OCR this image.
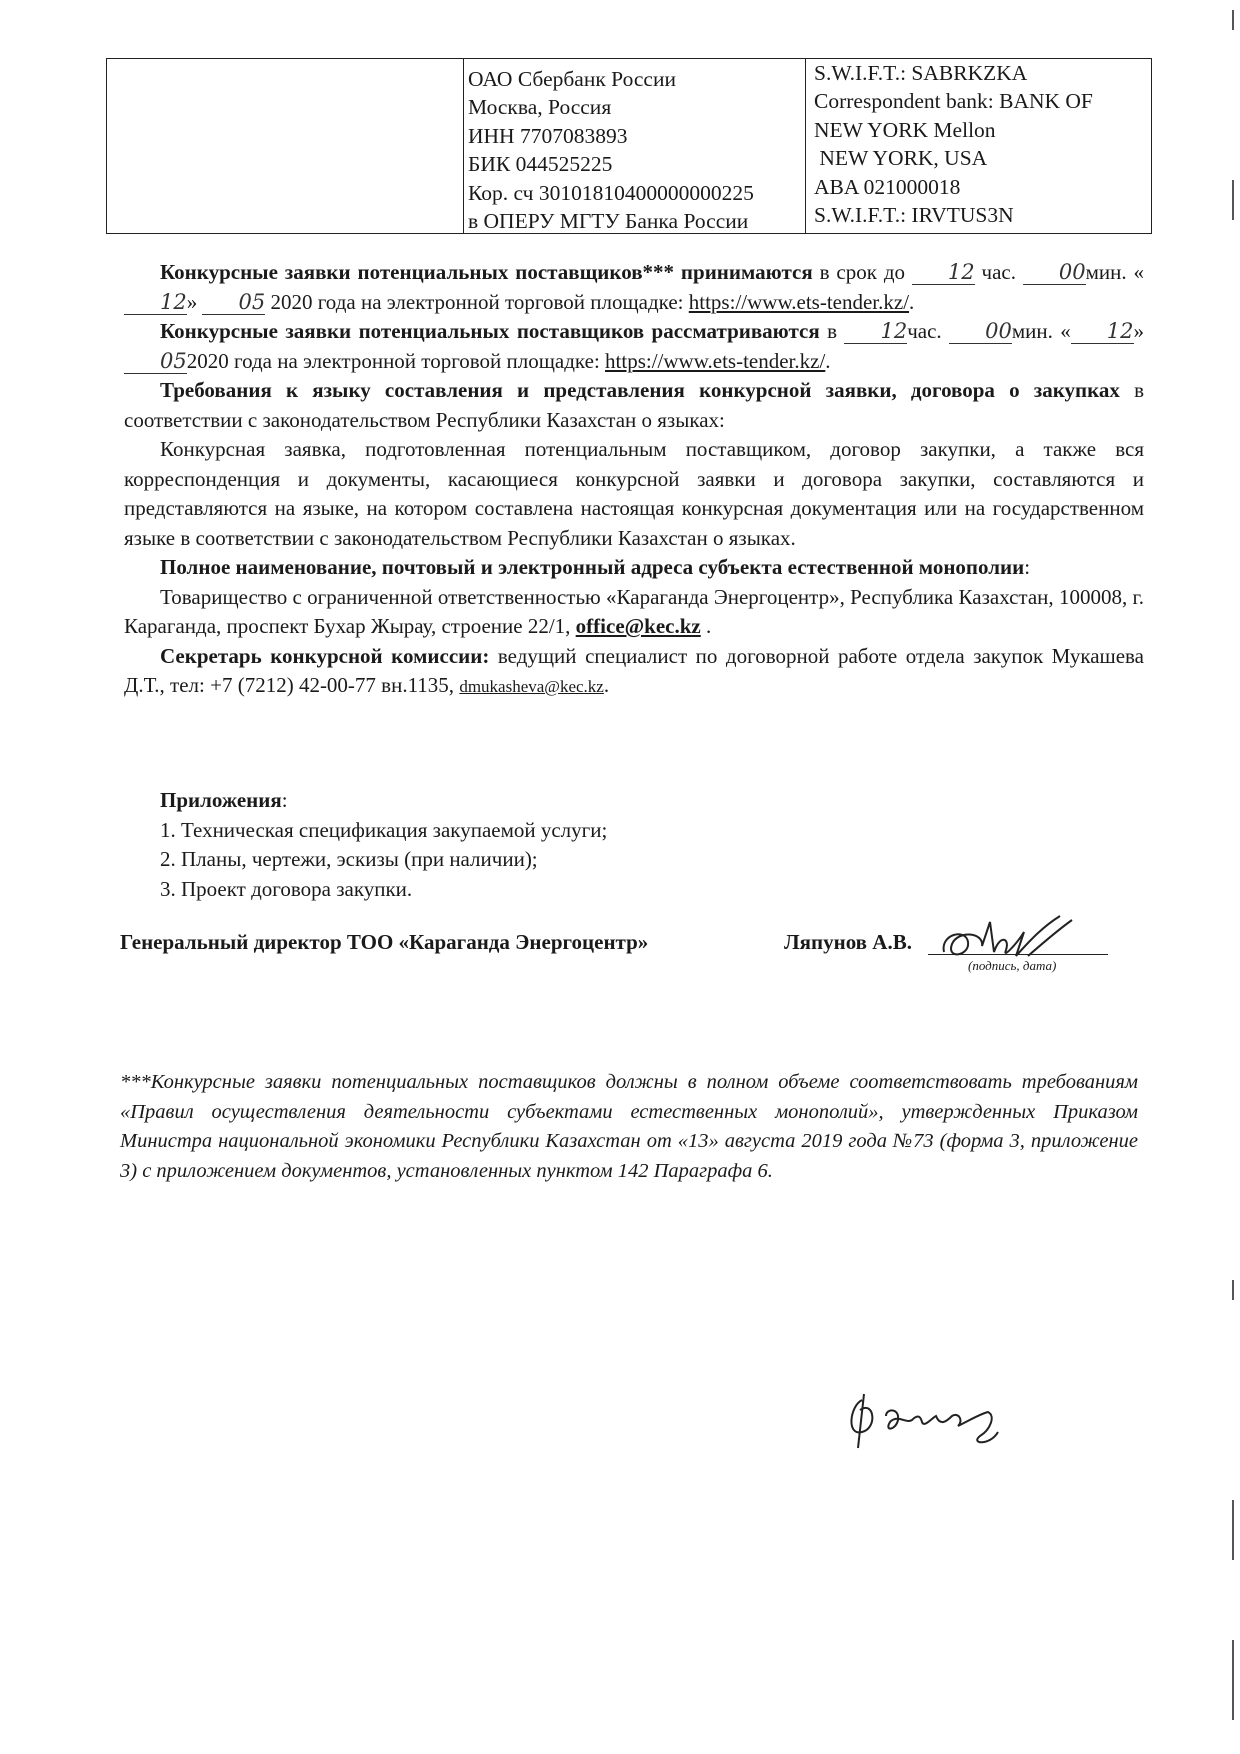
ОАО Сбербанк России
Москва, Россия
ИНН 7707083893
БИК 044525225
Кор. сч 30101810400000000225
в ОПЕРУ МГТУ Банка России
S.W.I.F.T.: SABRKZKA
Correspondent bank: BANK OF
NEW YORK Mellon
NEW YORK, USA
ABA 021000018
S.W.I.F.T.: IRVTUS3N

Конкурсные заявки потенциальных поставщиков*** принимаются в срок до 12 час. 00мин. «12» 05 2020 года на электронной торговой площадке: https://www.ets-tender.kz/.

Конкурсные заявки потенциальных поставщиков рассматриваются в 12час. 00мин. « 12» 052020 года на электронной торговой площадке: https://www.ets-tender.kz/.

Требования к языку составления и представления конкурсной заявки, договора о закупках в соответствии с законодательством Республики Казахстан о языках:

Конкурсная заявка, подготовленная потенциальным поставщиком, договор закупки, а также вся корреспонденция и документы, касающиеся конкурсной заявки и договора закупки, составляются и представляются на языке, на котором составлена настоящая конкурсная документация или на государственном языке в соответствии с законодательством Республики Казахстан о языках.

Полное наименование, почтовый и электронный адреса субъекта естественной монополии:

Товарищество с ограниченной ответственностью «Караганда Энергоцентр», Республика Казахстан, 100008, г. Караганда, проспект Бухар Жырау, строение 22/1, office@kec.kz .

Секретарь конкурсной комиссии: ведущий специалист по договорной работе отдела закупок Мукашева Д.Т., тел: +7 (7212) 42-00-77 вн.1135, dmukasheva@kec.kz.

Приложения:
1. Техническая спецификация закупаемой услуги;
2. Планы, чертежи, эскизы (при наличии);
3. Проект договора закупки.
Генеральный директор ТОО «Караганда Энергоцентр»	Ляпунов А.В.
(подпись, дата)
***Конкурсные заявки потенциальных поставщиков должны в полном объеме соответствовать требованиям «Правил осуществления деятельности субъектами естественных монополий», утвержденных Приказом Министра национальной экономики Республики Казахстан от «13» августа 2019 года №73 (форма 3, приложение 3) с приложением документов, установленных пунктом 142 Параграфа 6.
